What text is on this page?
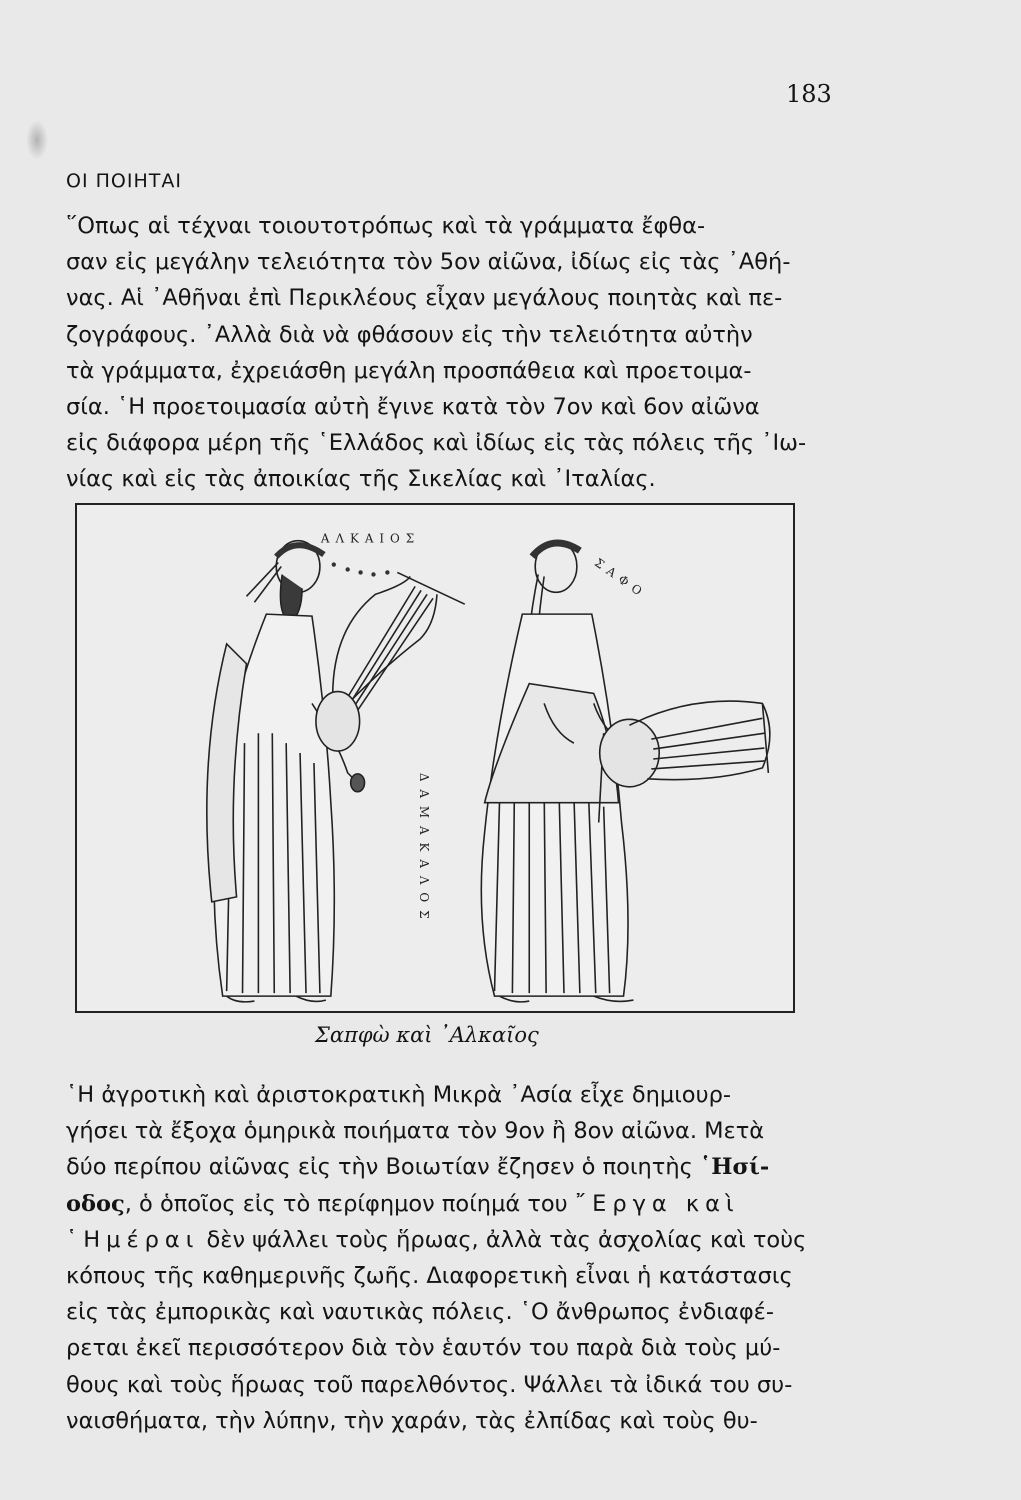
183
ΟΙ ΠΟΙΗΤΑΙ
῞Οπως αἱ τέχναι τοιουτοτρόπως καὶ τὰ γράμματα ἔφθα-
σαν εἰς μεγάλην τελειότητα τὸν 5ον αἰῶνα, ἰδίως εἰς τὰς ᾿Αθή-
νας. Αἱ ᾿Αθῆναι ἐπὶ Περικλέους εἶχαν μεγάλους ποιητὰς καὶ πε-
ζογράφους. ᾿Αλλὰ διὰ νὰ φθάσουν εἰς τὴν τελειότητα αὐτὴν
τὰ γράμματα, ἐχρειάσθη μεγάλη προσπάθεια καὶ προετοιμα-
σία. ῾Η προετοιμασία αὐτὴ ἔγινε κατὰ τὸν 7ον καὶ 6ον αἰῶνα
εἰς διάφορα μέρη τῆς ῾Ελλάδος καὶ ἰδίως εἰς τὰς πόλεις τῆς ᾿Ιω-
νίας καὶ εἰς τὰς ἀποικίας τῆς Σικελίας καὶ ᾿Ιταλίας.
ΑΛΚΑΙΟΣ
ΣΑΦΟ
ΔΑΜΑΚΑΛΟΣ
Σαπφὼ καὶ ᾿Αλκαῖος
῾Η ἀγροτικὴ καὶ ἀριστοκρατικὴ Μικρὰ ᾿Ασία εἶχε δημιουρ-
γήσει τὰ ἔξοχα ὁμηρικὰ ποιήματα τὸν 9ον ἢ 8ον αἰῶνα. Μετὰ
δύο περίπου αἰῶνας εἰς τὴν Βοιωτίαν ἔζησεν ὁ ποιητὴς ῾Ησί-
οδος, ὁ ὁποῖος εἰς τὸ περίφημον ποίημά του ῎Εργα καὶ
῾Ημέραι δὲν ψάλλει τοὺς ἥρωας, ἀλλὰ τὰς ἀσχολίας καὶ τοὺς
κόπους τῆς καθημερινῆς ζωῆς. Διαφορετικὴ εἶναι ἡ κατάστασις
εἰς τὰς ἐμπορικὰς καὶ ναυτικὰς πόλεις. ῾Ο ἄνθρωπος ἐνδιαφέ-
ρεται ἐκεῖ περισσότερον διὰ τὸν ἑαυτόν του παρὰ διὰ τοὺς μύ-
θους καὶ τοὺς ἥρωας τοῦ παρελθόντος. Ψάλλει τὰ ἰδικά του συ-
ναισθήματα, τὴν λύπην, τὴν χαράν, τὰς ἐλπίδας καὶ τοὺς θυ-
